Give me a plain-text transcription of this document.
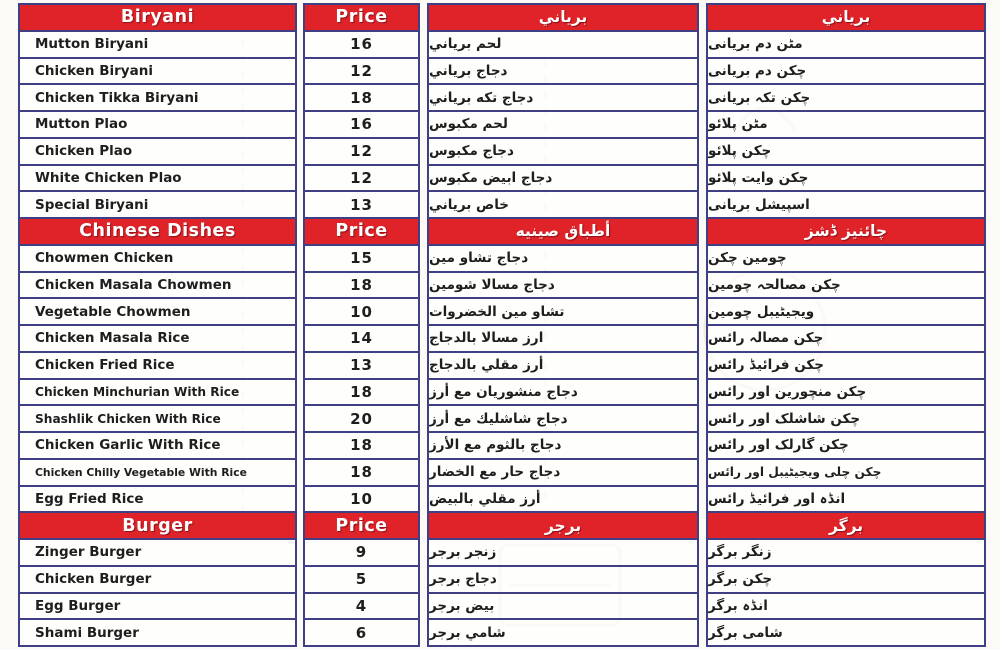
Biryani
Mutton Biryani
Chicken Biryani
Chicken Tikka Biryani
Mutton Plao
Chicken Plao
White Chicken Plao
Special Biryani
Chinese Dishes
Chowmen Chicken
Chicken Masala Chowmen
Vegetable Chowmen
Chicken Masala Rice
Chicken Fried Rice
Chicken Minchurian With Rice
Shashlik Chicken With Rice
Chicken Garlic With Rice
Chicken Chilly Vegetable With Rice
Egg Fried Rice
Burger
Zinger Burger
Chicken Burger
Egg Burger
Shami Burger
Price
16
12
18
16
12
12
13
Price
15
18
10
14
13
18
20
18
18
10
Price
9
5
4
6
برياني
لحم برياني
دجاج برياني
دجاج تكه برياني
لحم مكبوس
دجاج مكبوس
دجاج ابيض مكبوس
خاص برياني
أطباق صينيه
دجاج تشاو مين
دجاج مسالا شومين
تشاو مين الخضروات
ارز مسالا بالدجاج
أرز مقلي بالدجاج
دجاج منشوريان مع أرز
دجاج شاشليك مع أرز
دجاج بالثوم مع الأرز
دجاج حار مع الخضار
أرز مقلي بالبيض
برجر
زنجر برجر
دجاج برجر
بيض برجر
شامي برجر
برياني
مٹن دم بریانی
چکن دم بریانی
چکن تکہ بریانی
مٹن پلائو
چکن پلائو
چکن وایت پلائو
اسپیشل بریانی
چائنیز ڈشز
چومین چکن
چکن مصالحہ چومین
ویجیٹیبل چومین
چکن مصالہ رائس
چکن فرائیڈ رائس
چکن منچورین اور رائس
چکن شاشلک اور رائس
چکن گارلک اور رائس
چکن چلی ویجیٹیبل اور رائس
انڈہ اور فرائیڈ رائس
برگر
زنگر برگر
چکن برگر
انڈہ برگر
شامی برگر
